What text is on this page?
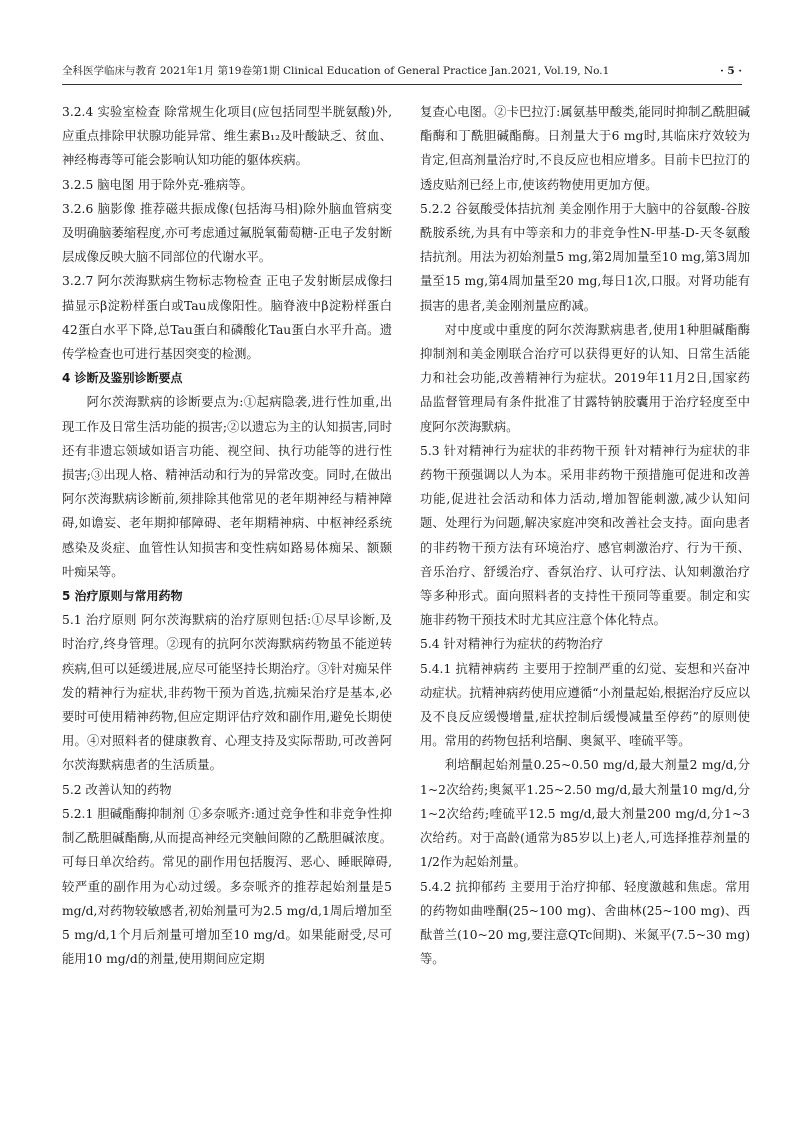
全科医学临床与教育 2021年1月 第19卷第1期 Clinical Education of General Practice Jan.2021, Vol.19, No.1	· 5 ·

3.2.4 实验室检查 除常规生化项目(应包括同型半胱氨酸)外,应重点排除甲状腺功能异常、维生素B₁₂及叶酸缺乏、贫血、神经梅毒等可能会影响认知功能的躯体疾病。

3.2.5 脑电图 用于除外克-雅病等。

3.2.6 脑影像 推荐磁共振成像(包括海马相)除外脑血管病变及明确脑萎缩程度,亦可考虑通过氟脱氧葡萄糖-正电子发射断层成像反映大脑不同部位的代谢水平。

3.2.7 阿尔茨海默病生物标志物检查 正电子发射断层成像扫描显示β淀粉样蛋白或Tau成像阳性。脑脊液中β淀粉样蛋白42蛋白水平下降,总Tau蛋白和磷酸化Tau蛋白水平升高。遗传学检查也可进行基因突变的检测。

4 诊断及鉴别诊断要点

阿尔茨海默病的诊断要点为:①起病隐袭,进行性加重,出现工作及日常生活功能的损害;②以遗忘为主的认知损害,同时还有非遗忘领域如语言功能、视空间、执行功能等的进行性损害;③出现人格、精神活动和行为的异常改变。同时,在做出阿尔茨海默病诊断前,须排除其他常见的老年期神经与精神障碍,如谵妄、老年期抑郁障碍、老年期精神病、中枢神经系统感染及炎症、血管性认知损害和变性病如路易体痴呆、额颞叶痴呆等。

5 治疗原则与常用药物

5.1 治疗原则 阿尔茨海默病的治疗原则包括:①尽早诊断,及时治疗,终身管理。②现有的抗阿尔茨海默病药物虽不能逆转疾病,但可以延缓进展,应尽可能坚持长期治疗。③针对痴呆伴发的精神行为症状,非药物干预为首选,抗痴呆治疗是基本,必要时可使用精神药物,但应定期评估疗效和副作用,避免长期使用。④对照料者的健康教育、心理支持及实际帮助,可改善阿尔茨海默病患者的生活质量。

5.2 改善认知的药物

5.2.1 胆碱酯酶抑制剂 ①多奈哌齐:通过竞争性和非竞争性抑制乙酰胆碱酯酶,从而提高神经元突触间隙的乙酰胆碱浓度。可每日单次给药。常见的副作用包括腹泻、恶心、睡眠障碍,较严重的副作用为心动过缓。多奈哌齐的推荐起始剂量是5 mg/d,对药物较敏感者,初始剂量可为2.5 mg/d,1周后增加至5 mg/d,1个月后剂量可增加至10 mg/d。如果能耐受,尽可能用10 mg/d的剂量,使用期间应定期

复查心电图。②卡巴拉汀:属氨基甲酸类,能同时抑制乙酰胆碱酯酶和丁酰胆碱酯酶。日剂量大于6 mg时,其临床疗效较为肯定,但高剂量治疗时,不良反应也相应增多。目前卡巴拉汀的透皮贴剂已经上市,使该药物使用更加方便。

5.2.2 谷氨酸受体拮抗剂 美金刚作用于大脑中的谷氨酸-谷胺酰胺系统,为具有中等亲和力的非竞争性N-甲基-D-天冬氨酸拮抗剂。用法为初始剂量5 mg,第2周加量至10 mg,第3周加量至15 mg,第4周加量至20 mg,每日1次,口服。对肾功能有损害的患者,美金刚剂量应酌减。

对中度或中重度的阿尔茨海默病患者,使用1种胆碱酯酶抑制剂和美金刚联合治疗可以获得更好的认知、日常生活能力和社会功能,改善精神行为症状。2019年11月2日,国家药品监督管理局有条件批准了甘露特钠胶囊用于治疗轻度至中度阿尔茨海默病。

5.3 针对精神行为症状的非药物干预 针对精神行为症状的非药物干预强调以人为本。采用非药物干预措施可促进和改善功能,促进社会活动和体力活动,增加智能刺激,减少认知问题、处理行为问题,解决家庭冲突和改善社会支持。面向患者的非药物干预方法有环境治疗、感官刺激治疗、行为干预、音乐治疗、舒缓治疗、香氛治疗、认可疗法、认知刺激治疗等多种形式。面向照料者的支持性干预同等重要。制定和实施非药物干预技术时尤其应注意个体化特点。

5.4 针对精神行为症状的药物治疗

5.4.1 抗精神病药 主要用于控制严重的幻觉、妄想和兴奋冲动症状。抗精神病药使用应遵循“小剂量起始,根据治疗反应以及不良反应缓慢增量,症状控制后缓慢减量至停药”的原则使用。常用的药物包括利培酮、奥氮平、喹硫平等。

利培酮起始剂量0.25~0.50 mg/d,最大剂量2 mg/d,分1~2次给药;奥氮平1.25~2.50 mg/d,最大剂量10 mg/d,分1~2次给药;喹硫平12.5 mg/d,最大剂量200 mg/d,分1~3次给药。对于高龄(通常为85岁以上)老人,可选择推荐剂量的1/2作为起始剂量。

5.4.2 抗抑郁药 主要用于治疗抑郁、轻度激越和焦虑。常用的药物如曲唑酮(25~100 mg)、舍曲林(25~100 mg)、西酞普兰(10~20 mg,要注意QTc间期)、米氮平(7.5~30 mg)等。
